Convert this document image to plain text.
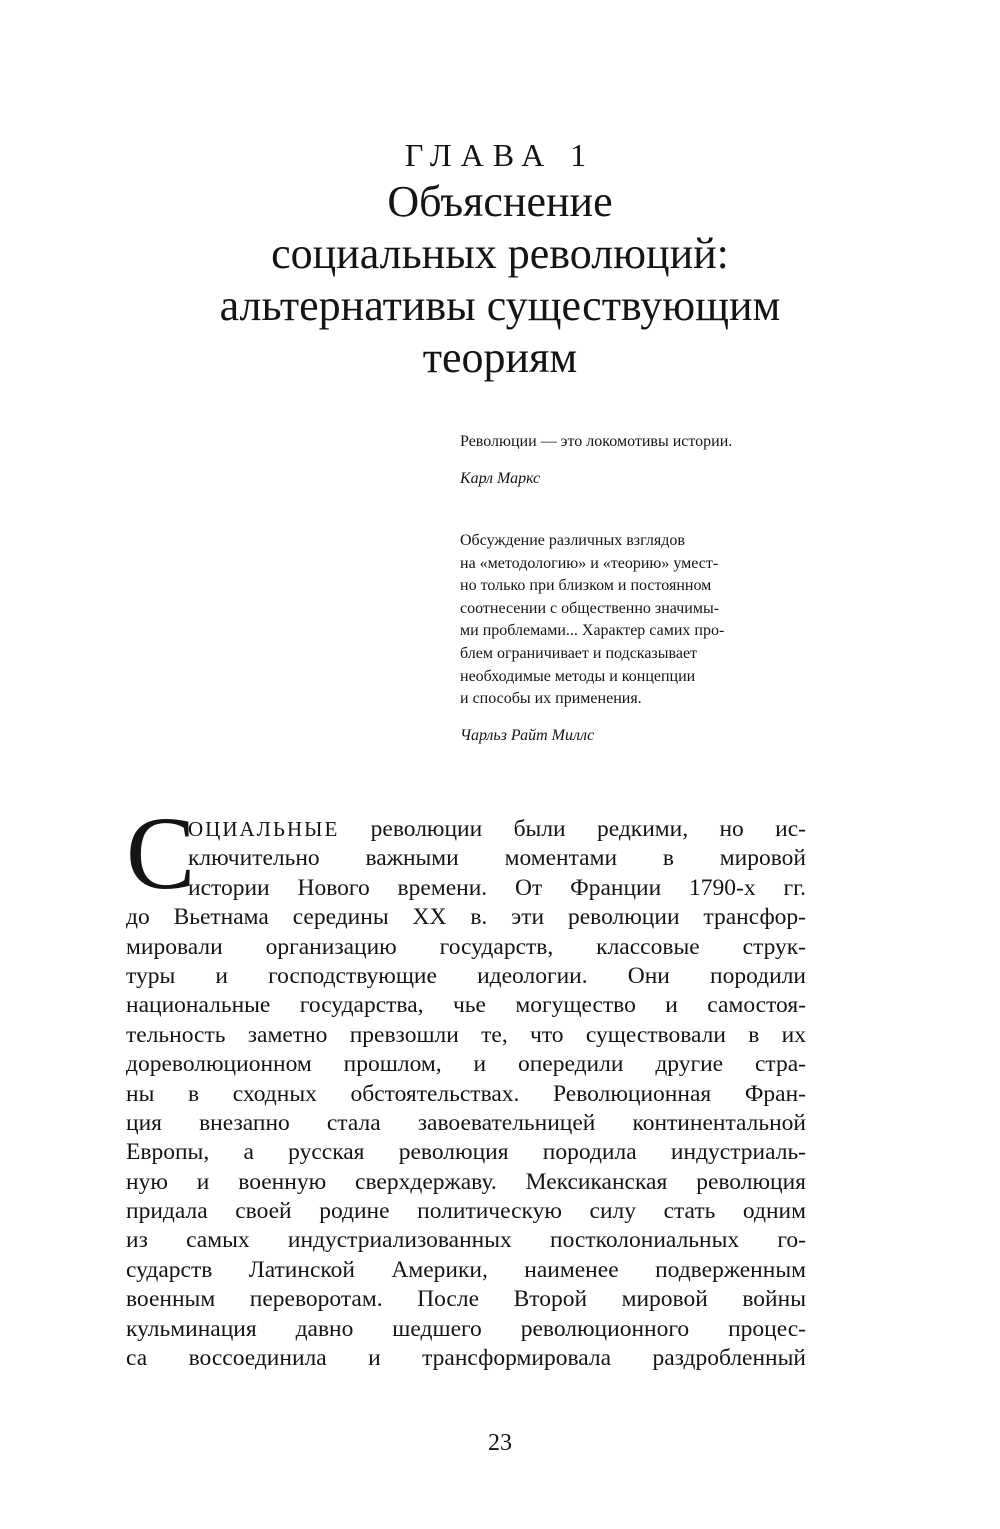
ГЛАВА 1
Объяснение
социальных революций:
альтернативы существующим
теориям
Революции — это локомотивы истории.
Карл Маркс
Обсуждение различных взглядов
на «методологию» и «теорию» умест-
но только при близком и постоянном
соотнесении с общественно значимы-
ми проблемами... Характер самих про-
блем ограничивает и подсказывает
необходимые методы и концепции
и способы их применения.
Чарльз Райт Миллс
С
ОЦИАЛЬНЫЕ революции были редкими, но ис-
ключительно важными моментами в мировой
истории Нового времени. От Франции 1790-х гг.
до Вьетнама середины XX в. эти революции трансфор-
мировали организацию государств, классовые струк-
туры и господствующие идеологии. Они породили
национальные государства, чье могущество и самостоя-
тельность заметно превзошли те, что существовали в их
дореволюционном прошлом, и опередили другие стра-
ны в сходных обстоятельствах. Революционная Фран-
ция внезапно стала завоевательницей континентальной
Европы, а русская революция породила индустриаль-
ную и военную сверхдержаву. Мексиканская революция
придала своей родине политическую силу стать одним
из самых индустриализованных постколониальных го-
сударств Латинской Америки, наименее подверженным
военным переворотам. После Второй мировой войны
кульминация давно шедшего революционного процес-
са воссоединила и трансформировала раздробленный
23
